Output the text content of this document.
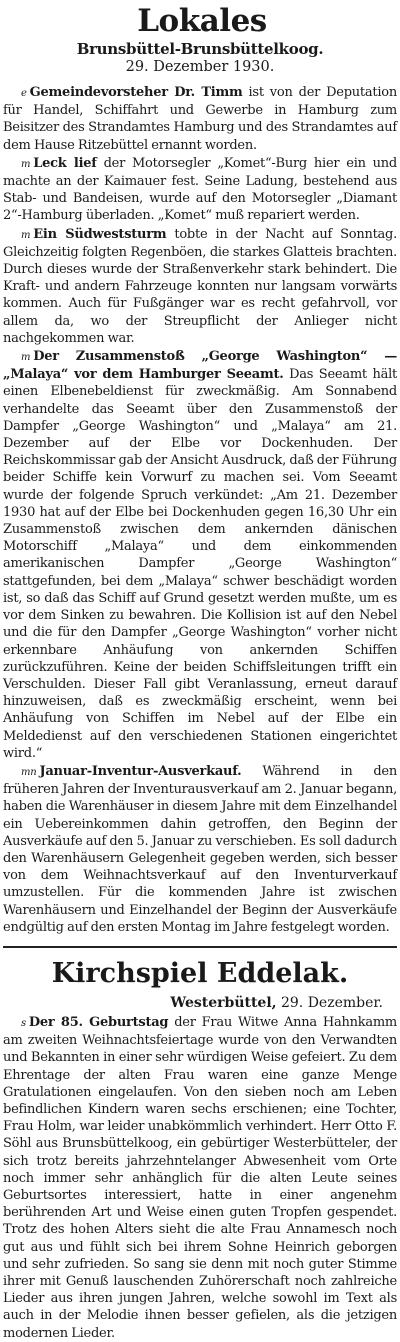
Lokales
Brunsbüttel-Brunsbüttelkoog.
29. Dezember 1930.

e Gemeindevorsteher Dr. Timm ist von der Deputation für Handel, Schiffahrt und Gewerbe in Hamburg zum Beisitzer des Strandamtes Hamburg und des Strandamtes auf dem Hause Ritzebüttel ernannt worden.

m Leck lief der Motorsegler „Komet“-Burg hier ein und machte an der Kaimauer fest. Seine Ladung, bestehend aus Stab- und Bandeisen, wurde auf den Motorsegler „Diamant 2“-Hamburg überladen. „Komet“ muß repariert werden.

m Ein Südweststurm tobte in der Nacht auf Sonntag. Gleichzeitig folgten Regenböen, die starkes Glatteis brachten. Durch dieses wurde der Straßenverkehr stark behindert. Die Kraft- und andern Fahrzeuge konnten nur langsam vorwärts kommen. Auch für Fußgänger war es recht gefahrvoll, vor allem da, wo der Streupflicht der Anlieger nicht nachgekommen war.

m Der Zusammenstoß „George Washington“ — „Malaya“ vor dem Hamburger Seeamt. Das Seeamt hält einen Elbenebeldienst für zweckmäßig. Am Sonnabend verhandelte das Seeamt über den Zusammenstoß der Dampfer „George Washington“ und „Malaya“ am 21. Dezember auf der Elbe vor Dockenhuden. Der Reichskommissar gab der Ansicht Ausdruck, daß der Führung beider Schiffe kein Vorwurf zu machen sei. Vom Seeamt wurde der folgende Spruch verkündet: „Am 21. Dezember 1930 hat auf der Elbe bei Dockenhuden gegen 16,30 Uhr ein Zusammenstoß zwischen dem ankernden dänischen Motorschiff „Malaya“ und dem einkommenden amerikanischen Dampfer „George Washington“ stattgefunden, bei dem „Malaya“ schwer beschädigt worden ist, so daß das Schiff auf Grund gesetzt werden mußte, um es vor dem Sinken zu bewahren. Die Kollision ist auf den Nebel und die für den Dampfer „George Washington“ vorher nicht erkennbare Anhäufung von ankernden Schiffen zurückzuführen. Keine der beiden Schiffsleitungen trifft ein Verschulden. Dieser Fall gibt Veranlassung, erneut darauf hinzuweisen, daß es zweckmäßig erscheint, wenn bei Anhäufung von Schiffen im Nebel auf der Elbe ein Meldedienst auf den verschiedenen Stationen eingerichtet wird.“

mn Januar-Inventur-Ausverkauf. Während in den früheren Jahren der Inventurausverkauf am 2. Januar begann, haben die Warenhäuser in diesem Jahre mit dem Einzelhandel ein Uebereinkommen dahin getroffen, den Beginn der Ausverkäufe auf den 5. Januar zu verschieben. Es soll dadurch den Warenhäusern Gelegenheit gegeben werden, sich besser von dem Weihnachtsverkauf auf den Inventurverkauf umzustellen. Für die kommenden Jahre ist zwischen Warenhäusern und Einzelhandel der Beginn der Ausverkäufe endgültig auf den ersten Montag im Jahre festgelegt worden.

Kirchspiel Eddelak.
Westerbüttel, 29. Dezember.

s Der 85. Geburtstag der Frau Witwe Anna Hahnkamm am zweiten Weihnachtsfeiertage wurde von den Verwandten und Bekannten in einer sehr würdigen Weise gefeiert. Zu dem Ehrentage der alten Frau waren eine ganze Menge Gratulationen eingelaufen. Von den sieben noch am Leben befindlichen Kindern waren sechs erschienen; eine Tochter, Frau Holm, war leider unabkömmlich verhindert. Herr Otto F. Söhl aus Brunsbüttelkoog, ein gebürtiger Westerbütteler, der sich trotz bereits jahrzehntelanger Abwesenheit vom Orte noch immer sehr anhänglich für die alten Leute seines Geburtsortes interessiert, hatte in einer angenehm berührenden Art und Weise einen guten Tropfen gespendet. Trotz des hohen Alters sieht die alte Frau Annamesch noch gut aus und fühlt sich bei ihrem Sohne Heinrich geborgen und sehr zufrieden. So sang sie denn mit noch guter Stimme ihrer mit Genuß lauschenden Zuhörerschaft noch zahlreiche Lieder aus ihren jungen Jahren, welche sowohl im Text als auch in der Melodie ihnen besser gefielen, als die jetzigen modernen Lieder.
